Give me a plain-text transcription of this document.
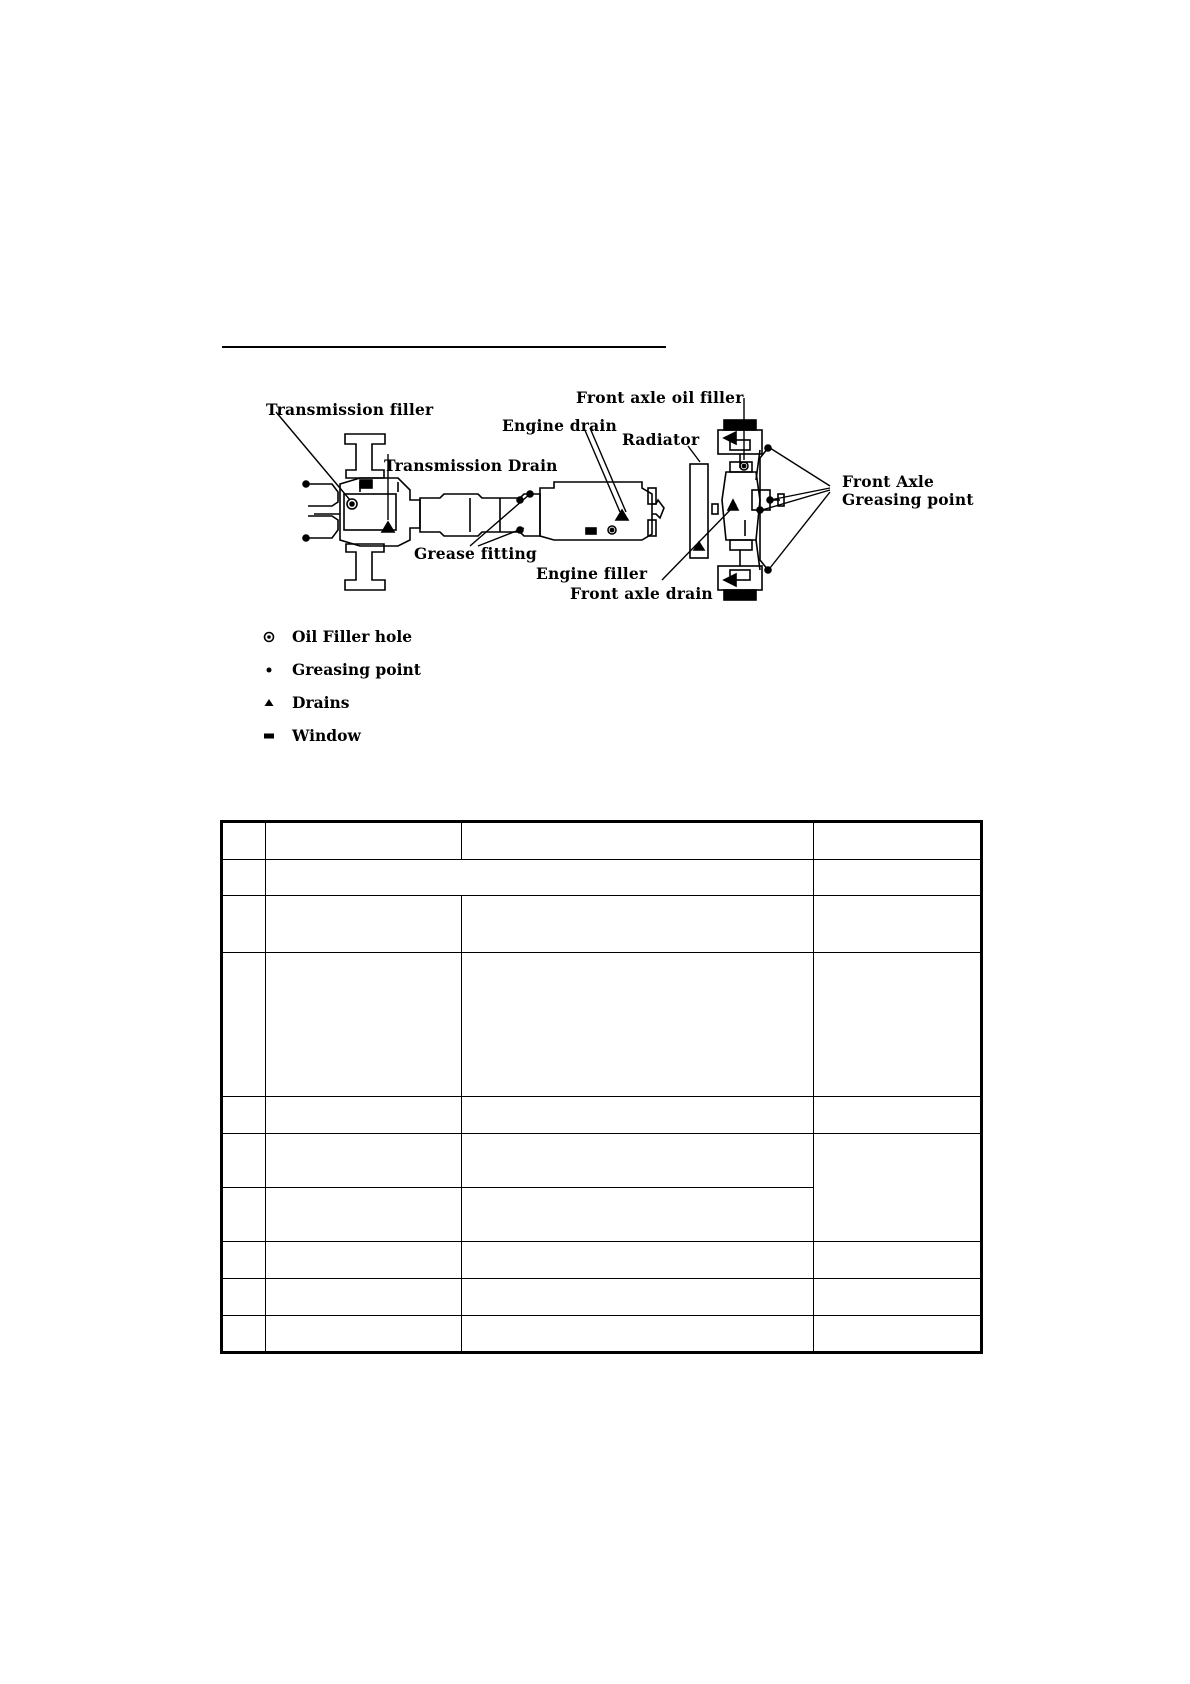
Transmission filler
Transmission Drain
Engine drain
Radiator
Front axle oil filler
Front Axle
Greasing point
Grease fitting
Engine filler
Front axle drain
Oil Filler hole
Greasing point
Drains
Window
